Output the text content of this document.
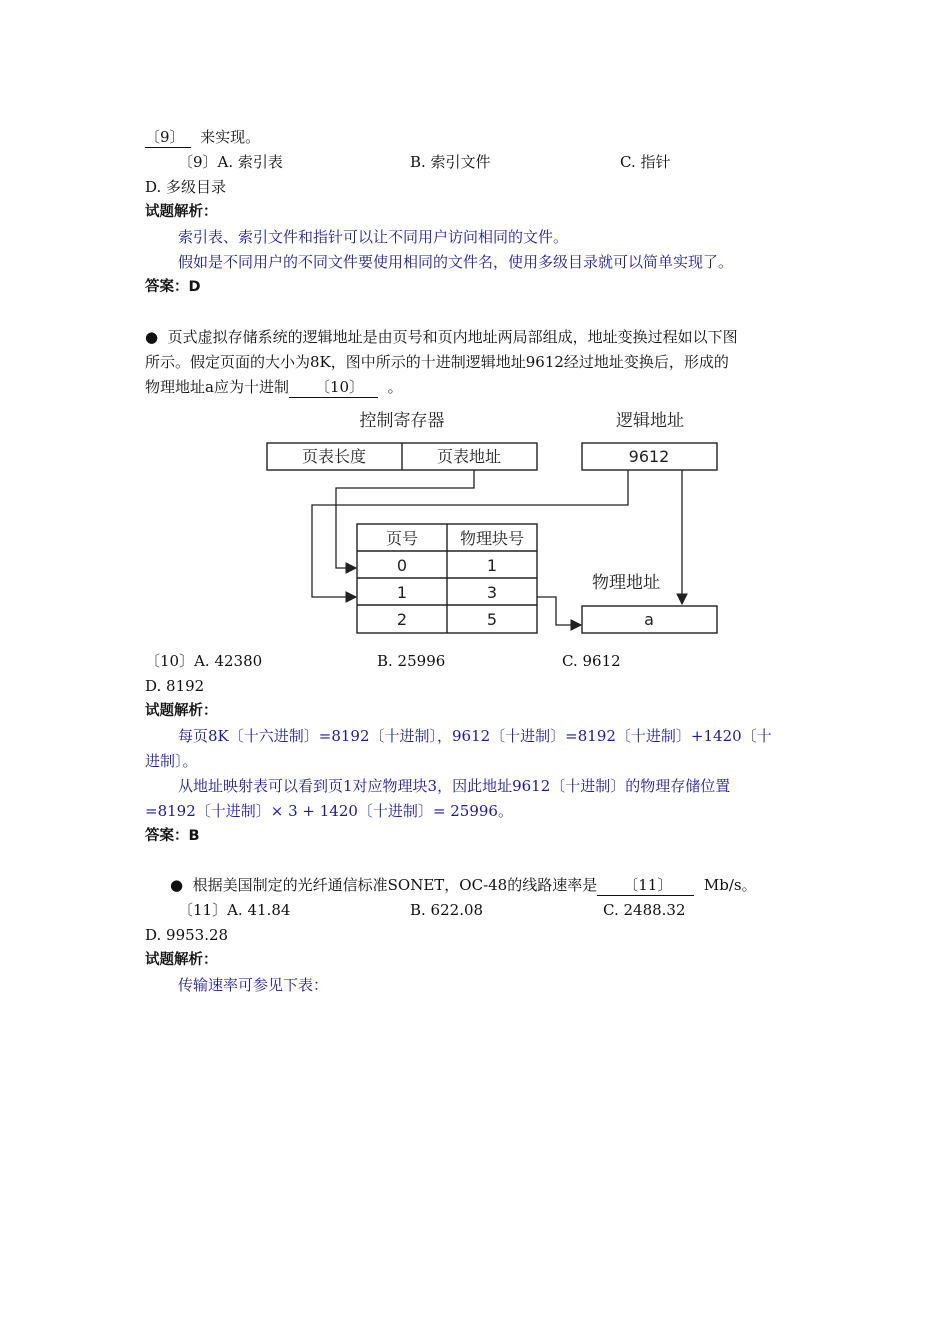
〔9〕 来实现。
〔9〕A. 索引表	B. 索引文件	C. 指针
D. 多级目录
试题解析：
索引表、索引文件和指针可以让不同用户访问相同的文件。
假如是不同用户的不同文件要使用相同的文件名，使用多级目录就可以简单实现了。
答案：D
● 页式虚拟存储系统的逻辑地址是由页号和页内地址两局部组成，地址变换过程如以下图
所示。假定页面的大小为8K，图中所示的十进制逻辑地址9612经过地址变换后，形成的
物理地址a应为十进制 〔10〕 。
控制寄存器
页表长度	页表地址
逻辑地址
9612
页号	物理块号
0	1
1	3
2	5
物理地址
a
〔10〕A. 42380	B. 25996	C. 9612
D. 8192
试题解析：
每页8K〔十六进制〕=8192〔十进制〕，9612〔十进制〕=8192〔十进制〕+1420〔十
进制〕。
从地址映射表可以看到页1对应物理块3，因此地址9612〔十进制〕的物理存储位置
=8192〔十进制〕× 3 + 1420〔十进制〕= 25996。
答案：B
● 根据美国制定的光纤通信标准SONET，OC-48的线路速率是 〔11〕 Mb/s。
〔11〕A. 41.84	B. 622.08	C. 2488.32
D. 9953.28
试题解析：
传输速率可参见下表：
